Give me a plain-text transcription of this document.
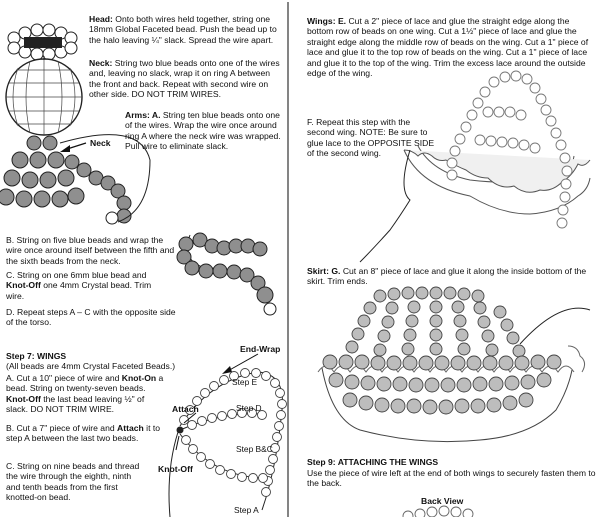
Neck
End-Wrap
Attach
Knot-Off
Step E
Step D
Step B&C
Step A
Head: Onto both wires held together, string one 18mm Global Faceted bead. Push the bead up to the halo leaving ¼" slack. Spread the wire apart.
Neck: String two blue beads onto one of the wires and, leaving no slack, wrap it on ring A between the front and back. Repeat with second wire on other side. DO NOT TRIM WIRES.
Arms: A. String ten blue beads onto one of the wires. Wrap the wire once around ring A where the neck wire was wrapped. Pull wire to eliminate slack.
B. String on five blue beads and wrap the wire once around itself between the fifth and the sixth beads from the neck.
C. String on one 6mm blue bead and Knot-Off one 4mm Crystal bead. Trim wire.
D. Repeat steps A – C with the opposite side of the torso.
Step 7: WINGS
(All beads are 4mm Crystal Faceted Beads.)
A. Cut a 10" piece of wire and Knot-On a bead. String on twenty-seven beads. Knot-Off the last bead leaving ½" of slack. DO NOT TRIM WIRE.
B. Cut a 7" piece of wire and Attach it to step A between the last two beads.
C. String on nine beads and thread the wire through the eighth, ninth and tenth beads from the first knotted-on bead.
Wings: E. Cut a 2" piece of lace and glue the straight edge along the bottom row of beads on one wing. Cut a 1½" piece of lace and glue the straight edge along the middle row of beads on the wing. Cut a 1" piece of lace and glue it to the top row of beads on the wing. Cut a 1" piece of lace and glue it to the top of the wing. Trim the excess lace around the outside edge of the wing.
F. Repeat this step with the second wing. NOTE: Be sure to glue lace to the OPPOSITE SIDE of the second wing.
Skirt: G. Cut an 8" piece of lace and glue it along the inside bottom of the skirt. Trim ends.
Step 9: ATTACHING THE WINGS
Use the piece of wire left at the end of both wings to securely fasten them to the back.
Back View
